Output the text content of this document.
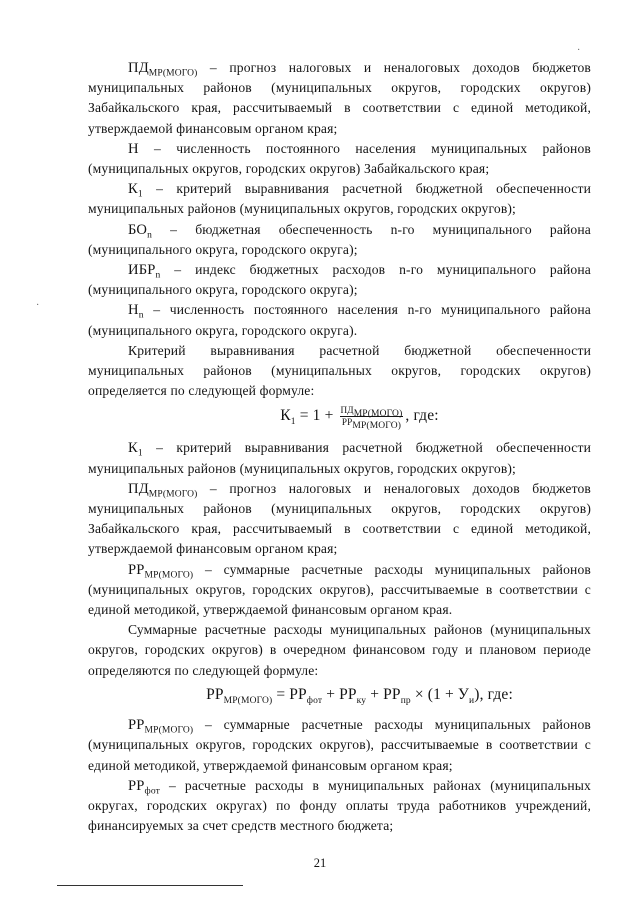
·
·

$ПД_{МР(МОГО)}$ – прогноз налоговых и неналоговых доходов бюджетов муниципальных районов (муниципальных округов, городских округов) Забайкальского края, рассчитываемый в соответствии с единой методикой, утверждаемой финансовым органом края;

Н – численность постоянного населения муниципальных районов (муниципальных округов, городских округов) Забайкальского края;

$К_1$ – критерий выравнивания расчетной бюджетной обеспеченности муниципальных районов (муниципальных округов, городских округов);

$БО_n$ – бюджетная обеспеченность n-го муниципального района (муниципального округа, городского округа);

$ИБР_n$ – индекс бюджетных расходов n-го муниципального района (муниципального округа, городского округа);

$Н_n$ – численность постоянного населения n-го муниципального района (муниципального округа, городского округа).

Критерий выравнивания расчетной бюджетной обеспеченности муниципальных районов (муниципальных округов, городских округов) определяется по следующей формуле:

$К_1 = 1 + \frac{ПД_{МР(МОГО)}}{РР_{МР(МОГО)}}$ , где:

$К_1$ – критерий выравнивания расчетной бюджетной обеспеченности муниципальных районов (муниципальных округов, городских округов);

$ПД_{МР(МОГО)}$ – прогноз налоговых и неналоговых доходов бюджетов муниципальных районов (муниципальных округов, городских округов) Забайкальского края, рассчитываемый в соответствии с единой методикой, утверждаемой финансовым органом края;

$РР_{МР(МОГО)}$ – суммарные расчетные расходы муниципальных районов (муниципальных округов, городских округов), рассчитываемые в соответствии с единой методикой, утверждаемой финансовым органом края.

Суммарные расчетные расходы муниципальных районов (муниципальных округов, городских округов) в очередном финансовом году и плановом периоде определяются по следующей формуле:

$РР_{МР(МОГО)} = РР_{фот} + РР_{ку} + РР_{пр} \times (1 + У_и)$, где:

$РР_{МР(МОГО)}$ – суммарные расчетные расходы муниципальных районов (муниципальных округов, городских округов), рассчитываемые в соответствии с единой методикой, утверждаемой финансовым органом края;

$РР_{фот}$ – расчетные расходы в муниципальных районах (муниципальных округах, городских округах) по фонду оплаты труда работников учреждений, финансируемых за счет средств местного бюджета;

21
